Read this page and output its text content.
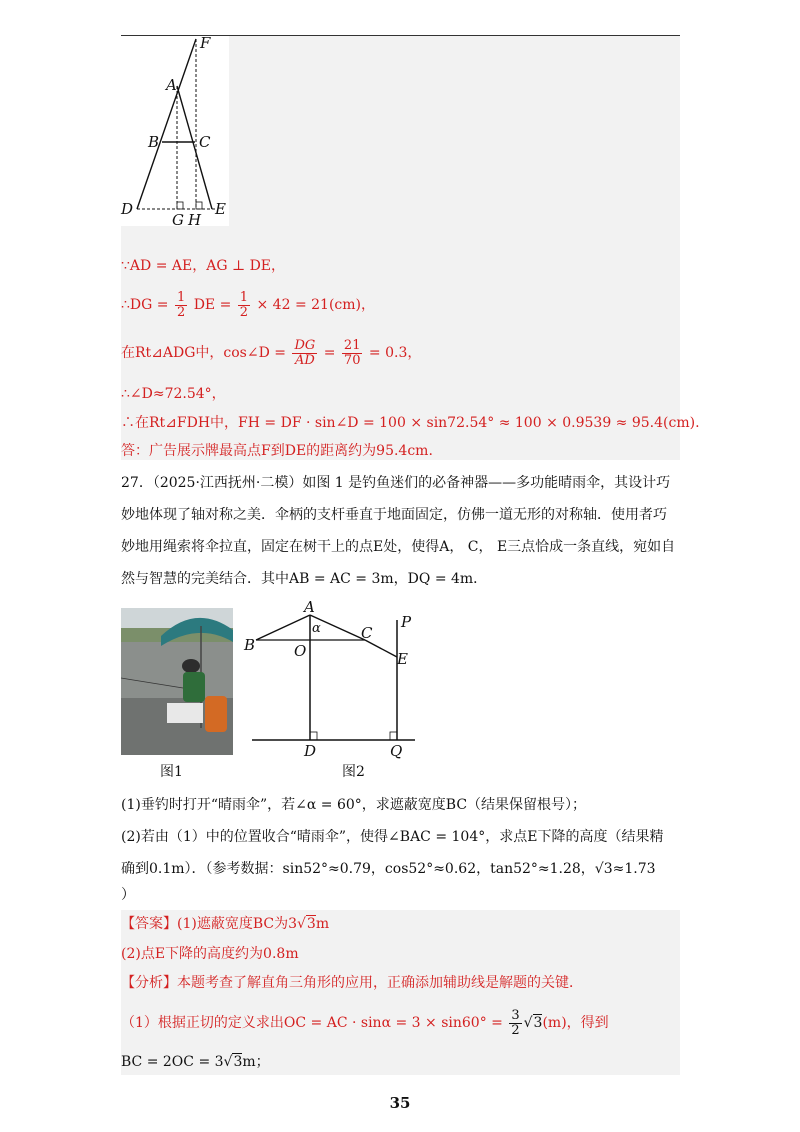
F
A
B	C
D
G H
E
∵AD = AE，AG ⊥ DE，
∴DG = $\frac{1}{2}$ DE = $\frac{1}{2} \times 42 = 21(cm)$，
在Rt⊿ADG中，cos∠D = $\frac{DG}{AD} = \frac{21}{70} = 0.3$，
∴∠D≈72.54°，
∴在Rt⊿FDH中，FH = DF · sin∠D = 100 × sin72.54° ≈ 100 × 0.9539 ≈ 95.4(cm).
答：广告展示牌最高点F到DE的距离约为95.4cm.
27．（2025·江西抚州·二模）如图 1 是钓鱼迷们的必备神器——多功能晴雨伞，其设计巧
妙地体现了轴对称之美．伞柄的支杆垂直于地面固定，仿佛一道无形的对称轴．使用者巧
妙地用绳索将伞拉直，固定在树干上的点E处，使得A， C， E三点恰成一条直线，宛如自
然与智慧的完美结合．其中AB = AC = 3m，DQ = 4m．
A
α
B
C
O
P
E
D	Q
图1	图2
(1)垂钓时打开“晴雨伞”，若∠α = 60°，求遮蔽宽度BC（结果保留根号）；
(2)若由（1）中的位置收合“晴雨伞”，使得∠BAC = 104°，求点E下降的高度（结果精
确到0.1m）．（参考数据：sin52°≈0.79，cos52°≈0.62，tan52°≈1.28，√3≈1.73
）
【答案】(1)遮蔽宽度BC为3√3m
(2)点E下降的高度约为0.8m
【分析】本题考查了解直角三角形的应用，正确添加辅助线是解题的关键．
（1）根据正切的定义求出OC = AC · $\sin\alpha = 3 \times \sin 60^\circ = \frac{3}{2} √3(m)$，得到
BC = 2OC = 3√3m；
35
